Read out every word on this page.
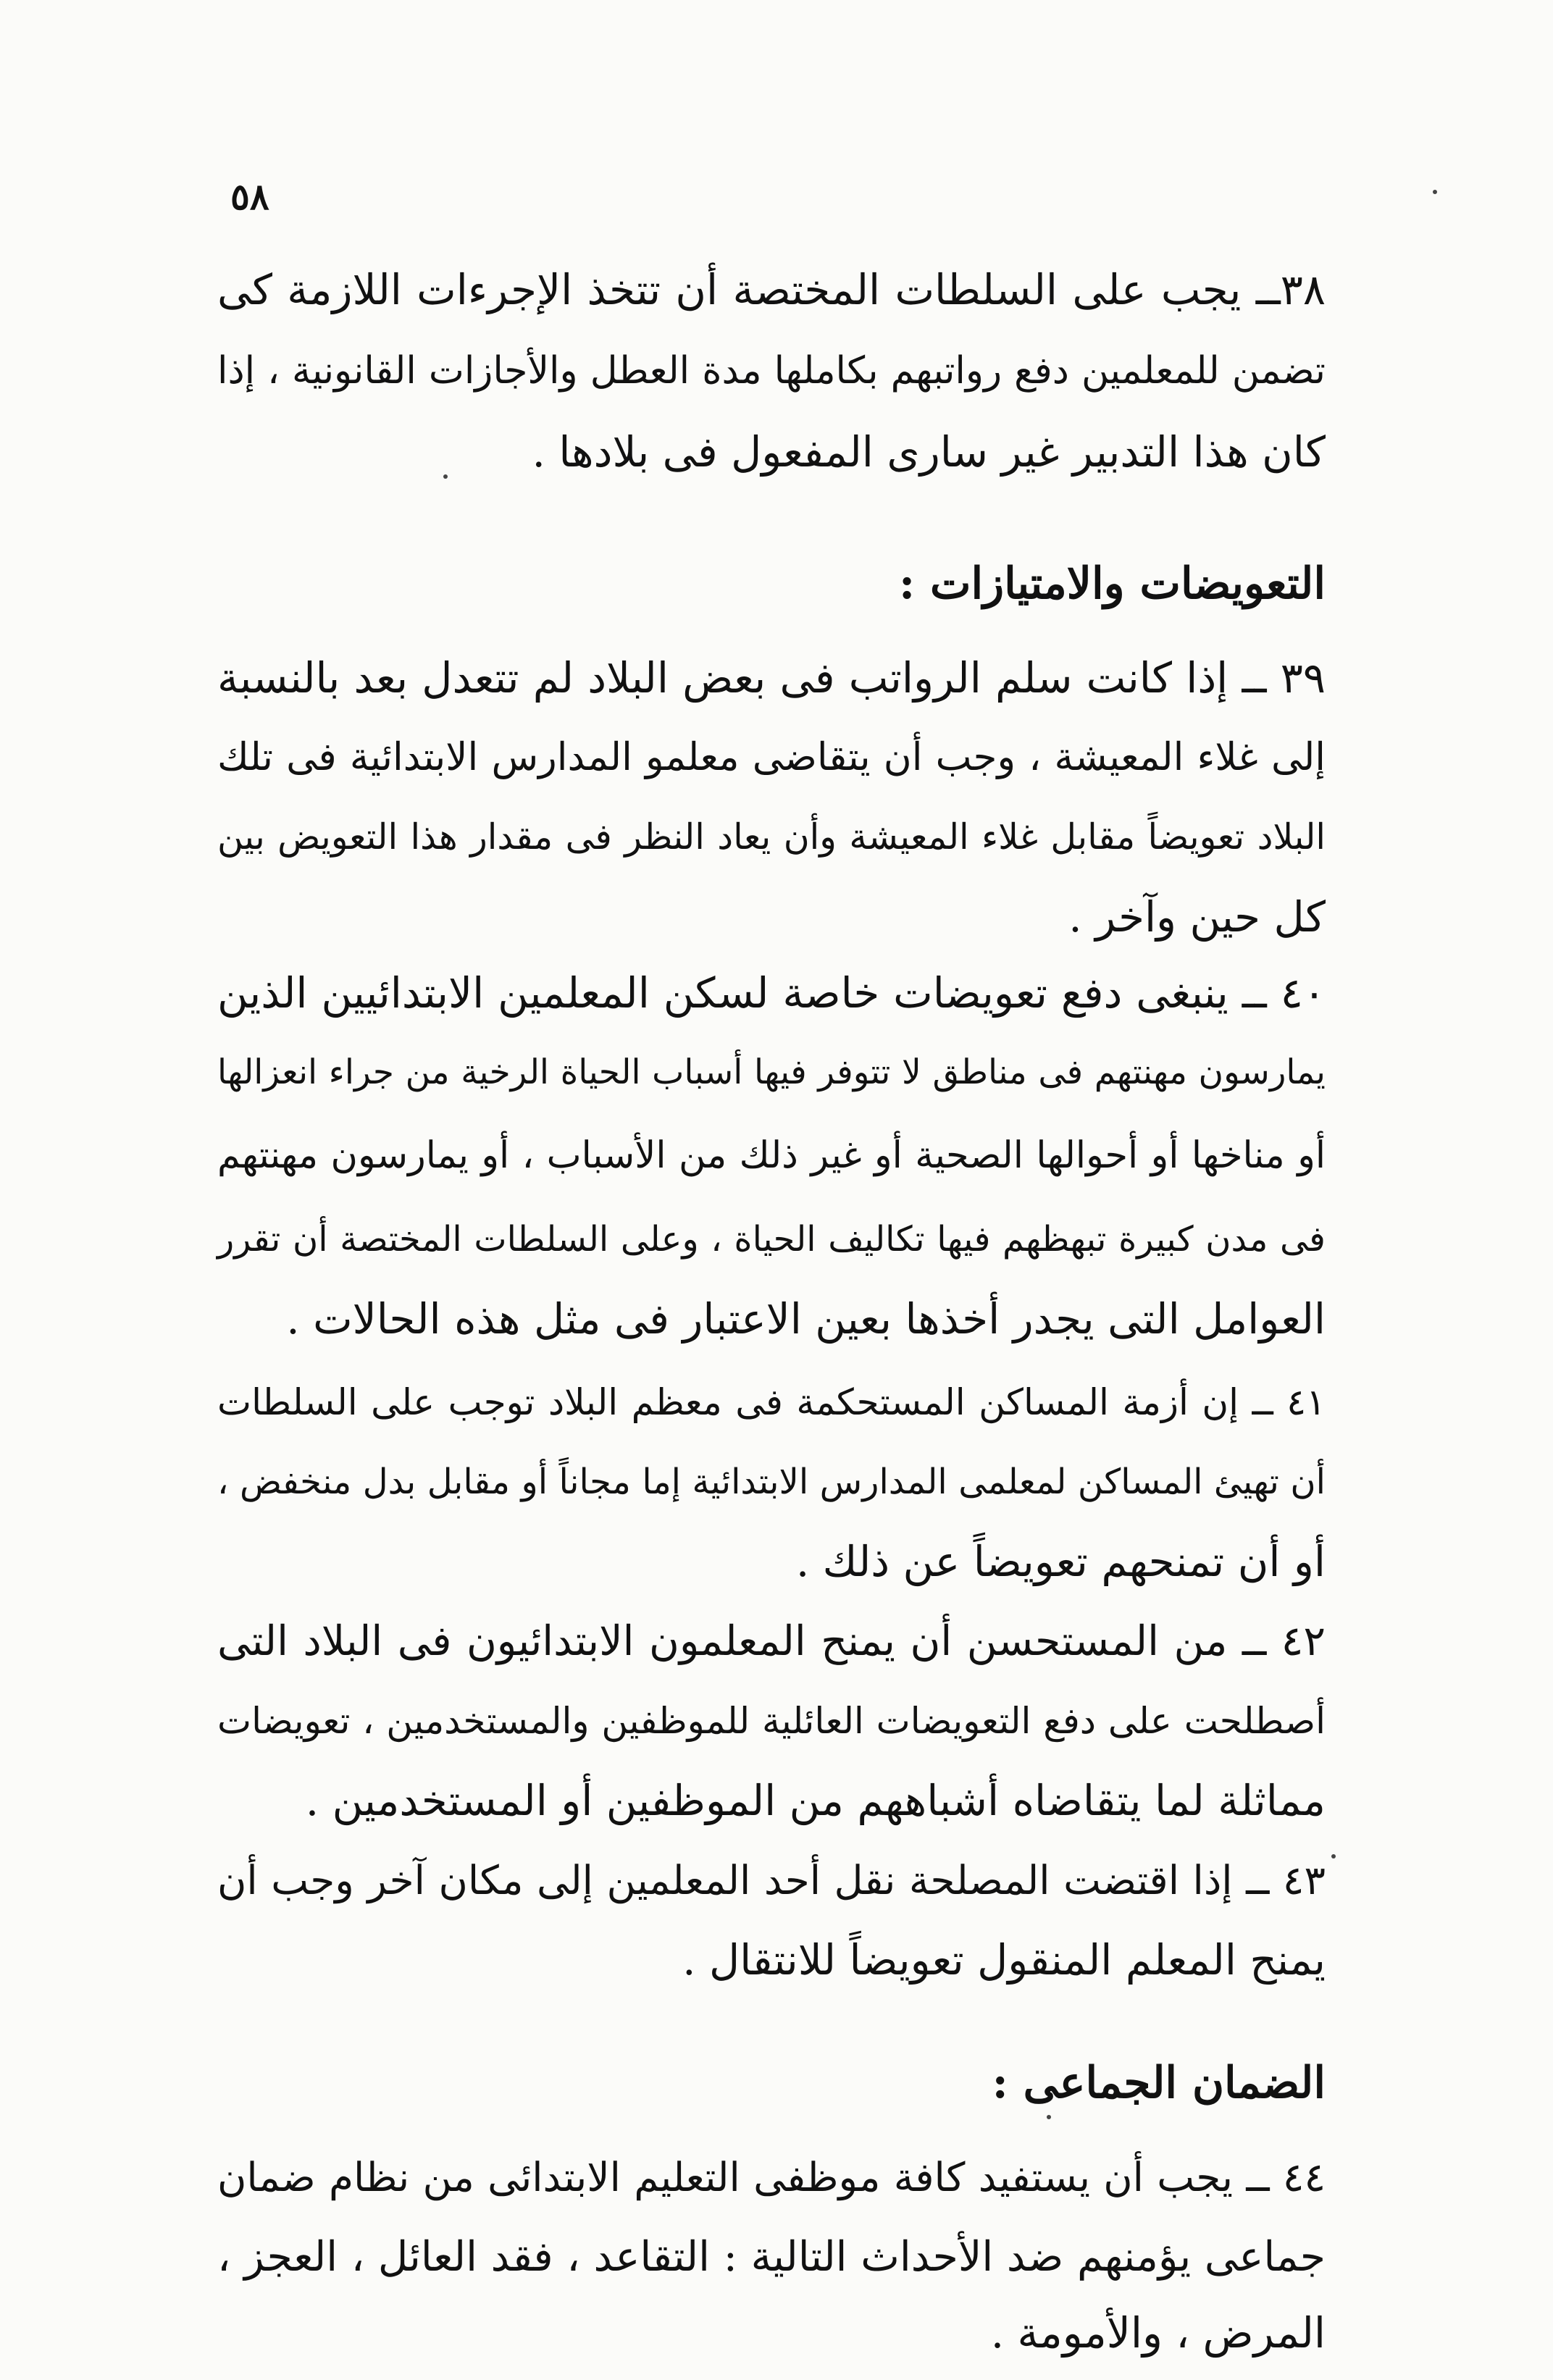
٥٨
٣٨ــ يجب على السلطات المختصة أن تتخذ الإجرءات اللازمة كى
تضمن للمعلمين دفع رواتبهم بكاملها مدة العطل والأجازات القانونية ، إذا
كان هذا التدبير غير سارى المفعول فى بلادها .
التعويضات والامتيازات :
٣٩ ــ إذا كانت سلم الرواتب فى بعض البلاد لم تتعدل بعد بالنسبة
إلى غلاء المعيشة ، وجب أن يتقاضى معلمو المدارس الابتدائية فى تلك
البلاد تعويضاً مقابل غلاء المعيشة وأن يعاد النظر فى مقدار هذا التعويض بين
كل حين وآخر .
٤٠ ــ ينبغى دفع تعويضات خاصة لسكن المعلمين الابتدائيين الذين
يمارسون مهنتهم فى مناطق لا تتوفر فيها أسباب الحياة الرخية من جراء انعزالها
أو مناخها أو أحوالها الصحية أو غير ذلك من الأسباب ، أو يمارسون مهنتهم
فى مدن كبيرة تبهظهم فيها تكاليف الحياة ، وعلى السلطات المختصة أن تقرر
العوامل التى يجدر أخذها بعين الاعتبار فى مثل هذه الحالات .
٤١ ــ إن أزمة المساكن المستحكمة فى معظم البلاد توجب على السلطات
أن تهيئ المساكن لمعلمى المدارس الابتدائية إما مجاناً أو مقابل بدل منخفض ،
أو أن تمنحهم تعويضاً عن ذلك .
٤٢ ــ من المستحسن أن يمنح المعلمون الابتدائيون فى البلاد التى
أصطلحت على دفع التعويضات العائلية للموظفين والمستخدمين ، تعويضات
مماثلة لما يتقاضاه أشباههم من الموظفين أو المستخدمين .
٤٣ ــ إذا اقتضت المصلحة نقل أحد المعلمين إلى مكان آخر وجب أن
يمنح المعلم المنقول تعويضاً للانتقال .
الضمان الجماعى :
٤٤ ــ يجب أن يستفيد كافة موظفى التعليم الابتدائى من نظام ضمان
جماعى يؤمنهم ضد الأحداث التالية : التقاعد ، فقد العائل ، العجز ،
المرض ، والأمومة .
